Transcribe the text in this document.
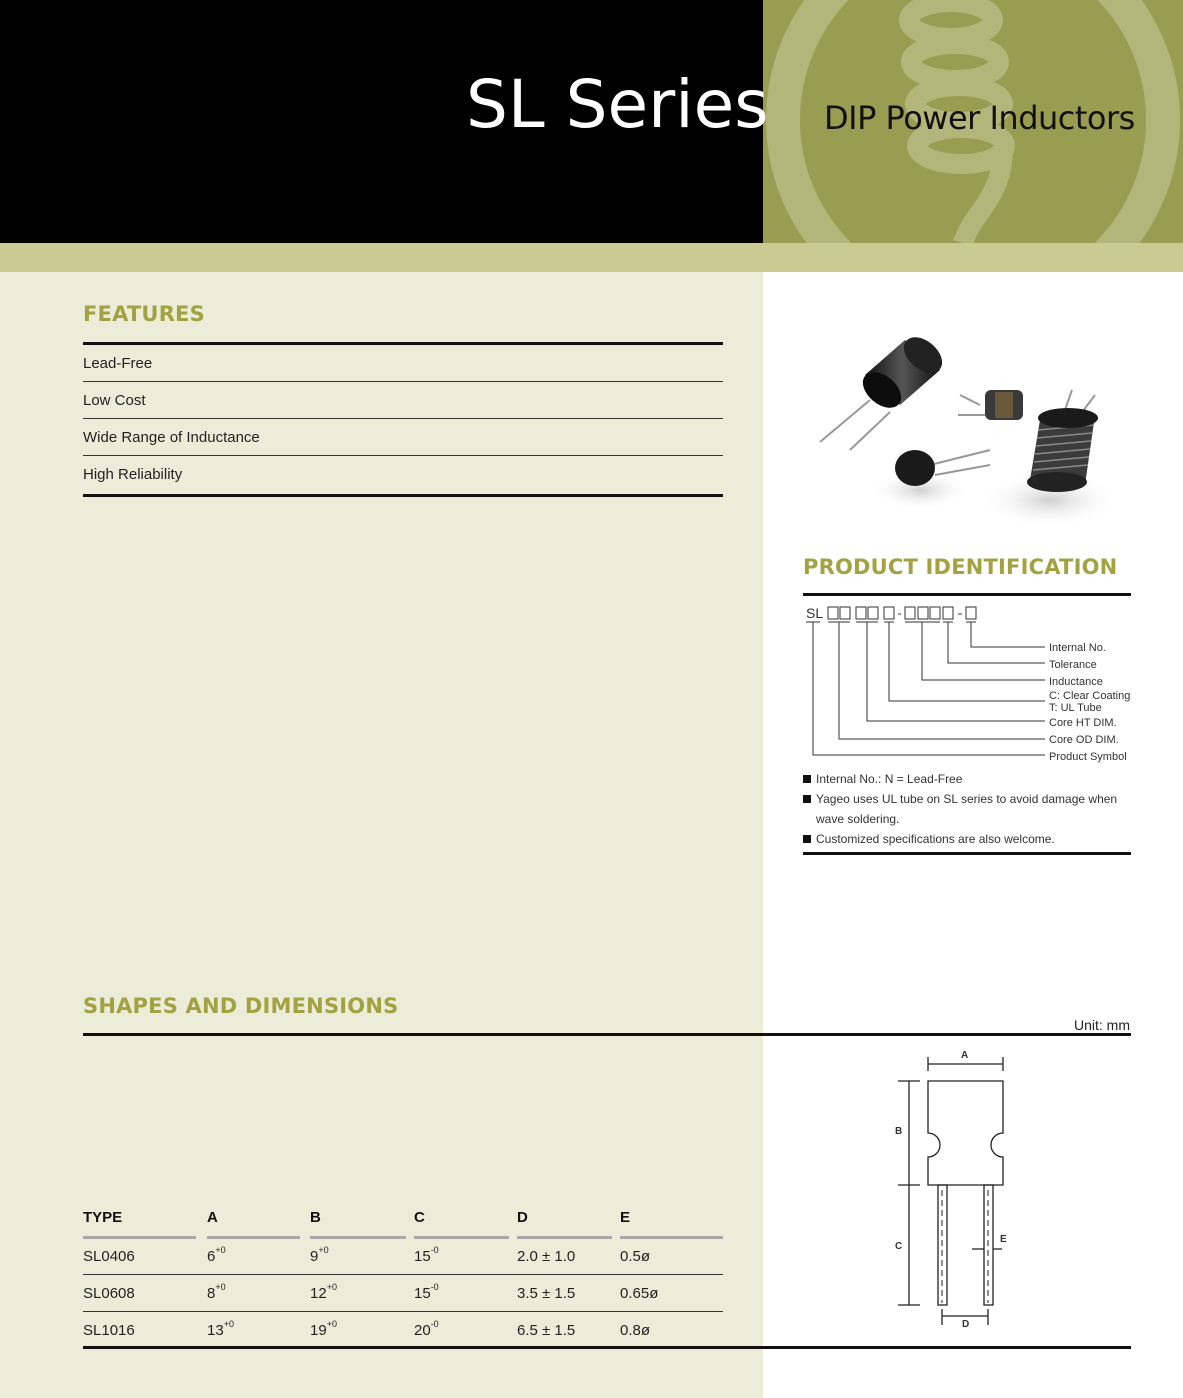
SL Series DIP Power Inductors
FEATURES
Lead-Free
Low Cost
Wide Range of Inductance
High Reliability
PRODUCT IDENTIFICATION
SL
Internal No.
Tolerance
Inductance
C: Clear Coating
T: UL Tube
Core HT DIM.
Core OD DIM.
Product Symbol
Internal No.: N = Lead-Free
Yageo uses UL tube on SL series to avoid damage when
wave soldering.
Customized specifications are also welcome.
SHAPES AND DIMENSIONS
Unit: mm
A
B
C
D
E
TYPE	A	B	C	D	E
SL0406	$6^{+0}$	$9^{+0}$	$15^{-0}$	2.0 ± 1.0	0.5ø
SL0608	$8^{+0}$	$12^{+0}$	$15^{-0}$	3.5 ± 1.5	0.65ø
SL1016	$13^{+0}$	$19^{+0}$	$20^{-0}$	6.5 ± 1.5	0.8ø
